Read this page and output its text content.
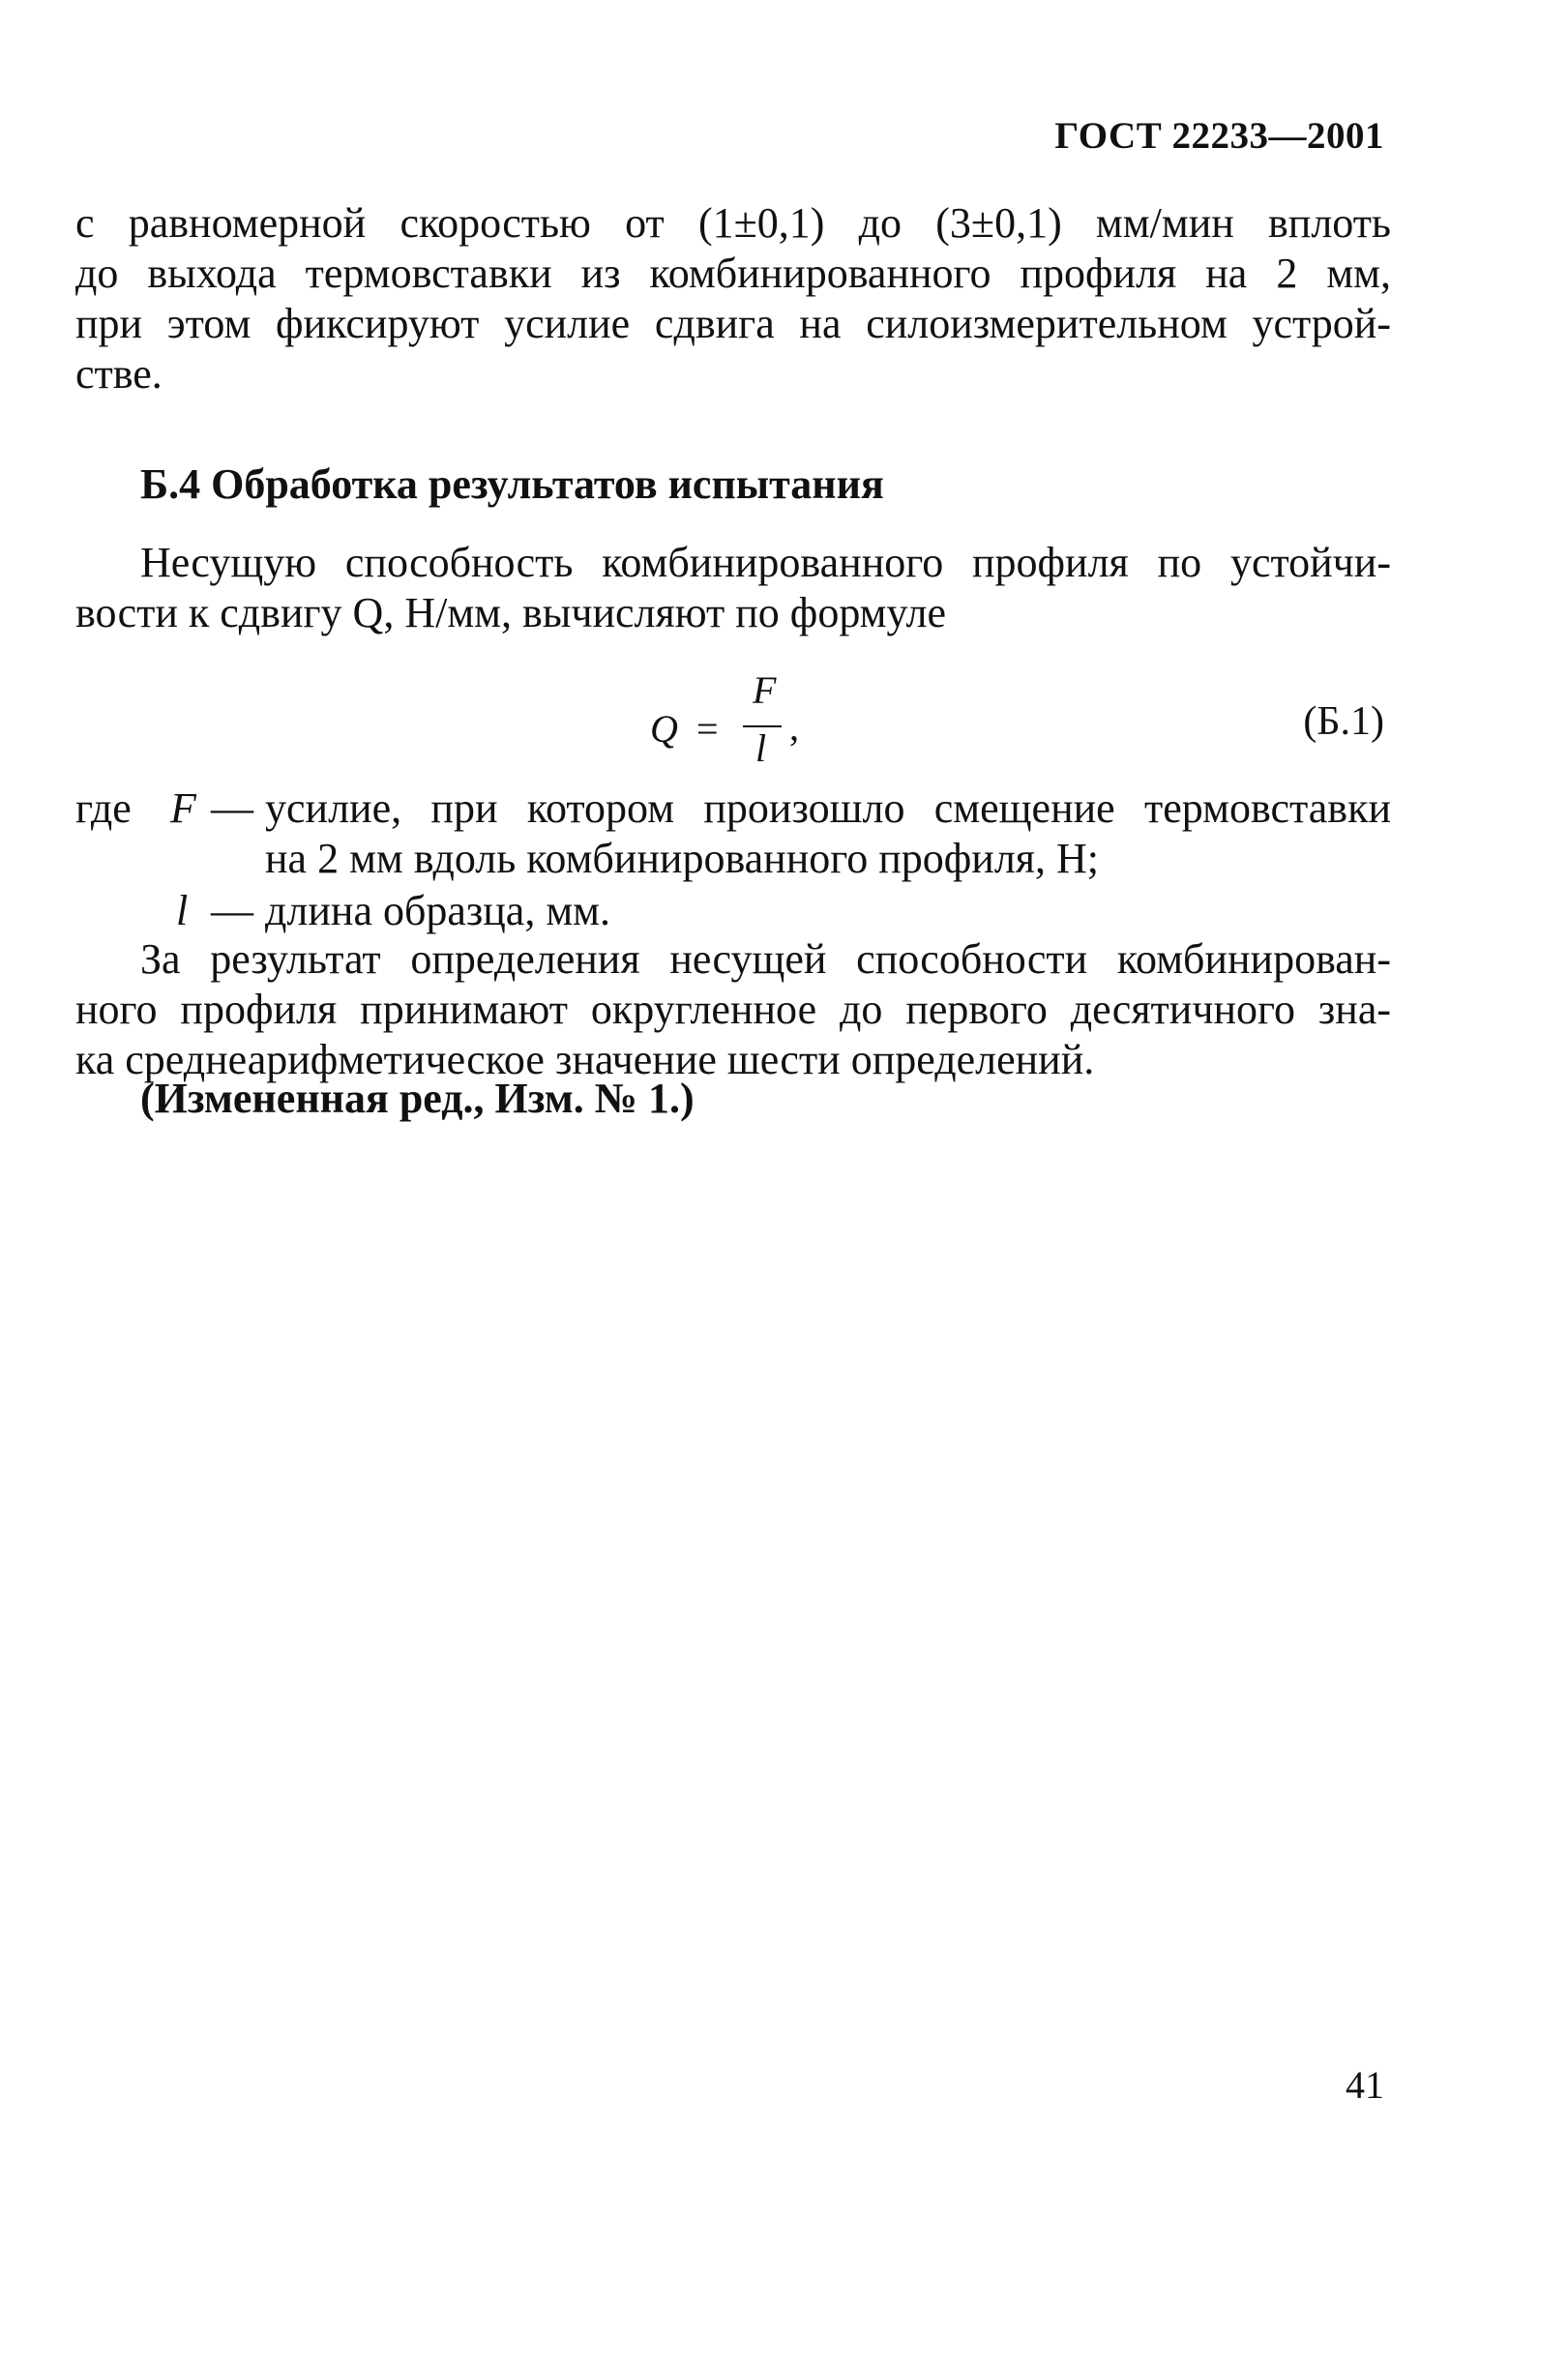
ГОСТ 22233—2001
с равномерной скоростью от (1±0,1) до (3±0,1) мм/мин вплоть
до выхода термовставки из комбинированного профиля на 2 мм,
при этом фиксируют усилие сдвига на силоизмерительном устрой-
стве.
Б.4 Обработка результатов испытания
Несущую способность комбинированного профиля по устойчи-
вости к сдвигу Q, Н/мм, вычисляют по формуле
Q =
F
l ,	(Б.1)
где F — усилие, при котором произошло смещение термовставки
на 2 мм вдоль комбинированного профиля, Н;
l — длина образца, мм.
За результат определения несущей способности комбинирован-
ного профиля принимают округленное до первого десятичного зна-
ка среднеарифметическое значение шести определений.
(Измененная ред., Изм. № 1.)
41
